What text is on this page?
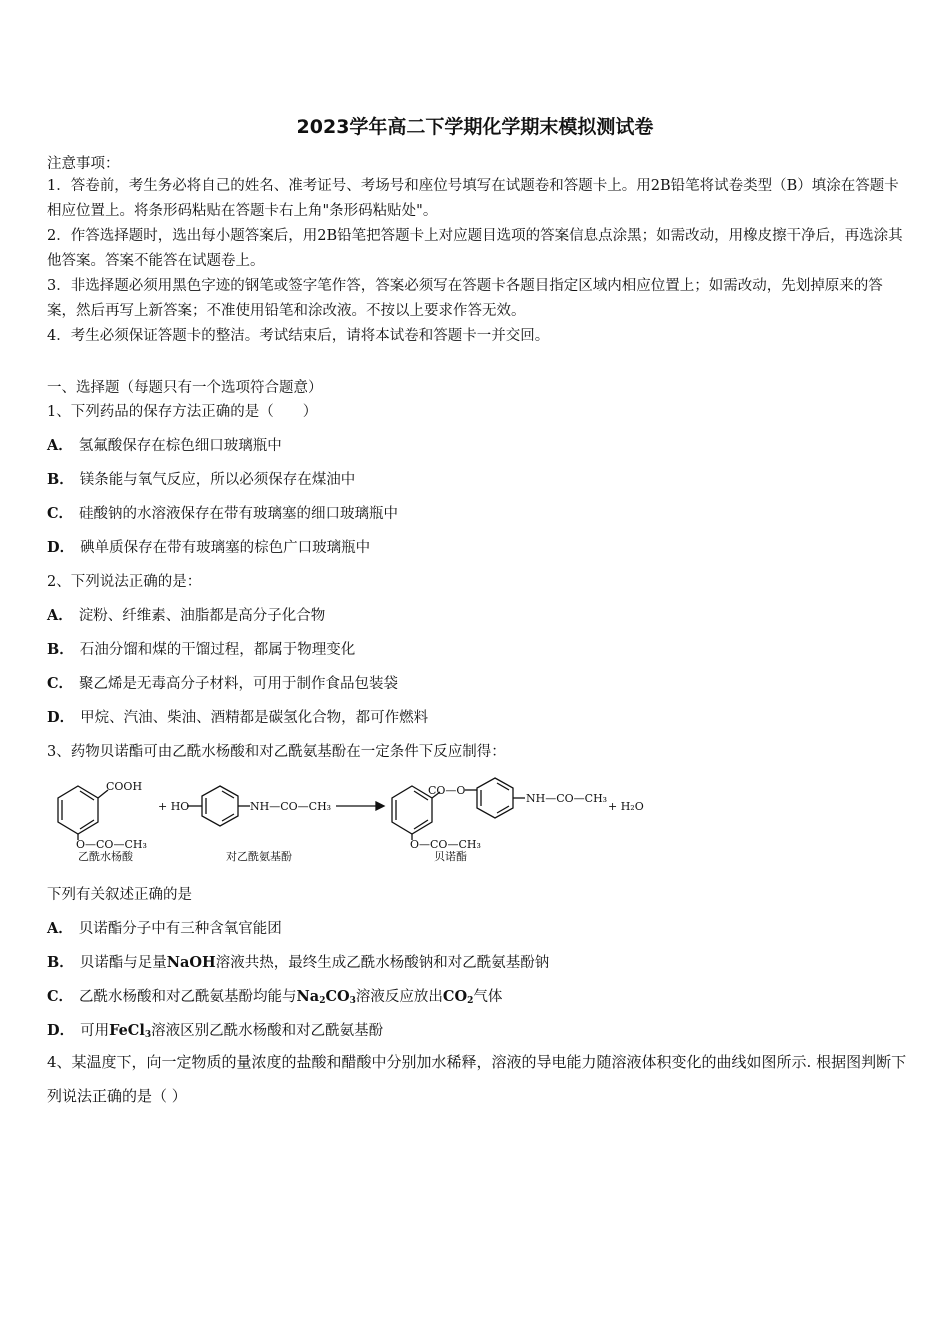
2023学年高二下学期化学期末模拟测试卷
注意事项：
1．答卷前，考生务必将自己的姓名、准考证号、考场号和座位号填写在试题卷和答题卡上。用2B铅笔将试卷类型（B）填涂在答题卡相应位置上。将条形码粘贴在答题卡右上角"条形码粘贴处"。
2．作答选择题时，选出每小题答案后，用2B铅笔把答题卡上对应题目选项的答案信息点涂黑；如需改动，用橡皮擦干净后，再选涂其他答案。答案不能答在试题卷上。
3．非选择题必须用黑色字迹的钢笔或签字笔作答，答案必须写在答题卡各题目指定区域内相应位置上；如需改动，先划掉原来的答案，然后再写上新答案；不准使用铅笔和涂改液。不按以上要求作答无效。
4．考生必须保证答题卡的整洁。考试结束后，请将本试卷和答题卡一并交回。
一、选择题（每题只有一个选项符合题意）
1、下列药品的保存方法正确的是（　　）
A． 氢氟酸保存在棕色细口玻璃瓶中
B． 镁条能与氧气反应，所以必须保存在煤油中
C． 硅酸钠的水溶液保存在带有玻璃塞的细口玻璃瓶中
D． 碘单质保存在带有玻璃塞的棕色广口玻璃瓶中
2、下列说法正确的是：
A． 淀粉、纤维素、油脂都是高分子化合物
B． 石油分馏和煤的干馏过程，都属于物理变化
C． 聚乙烯是无毒高分子材料，可用于制作食品包装袋
D． 甲烷、汽油、柴油、酒精都是碳氢化合物，都可作燃料
3、药物贝诺酯可由乙酰水杨酸和对乙酰氨基酚在一定条件下反应制得：
COOH
+ HO	NH—CO—CH₃
CO—O
NH—CO—CH₃
+ H₂O
O—CO—CH₃	O—CO—CH₃
乙酰水杨酸	对乙酰氨基酚	贝诺酯
下列有关叙述正确的是
A． 贝诺酯分子中有三种含氧官能团
B． 贝诺酯与足量NaOH溶液共热，最终生成乙酰水杨酸钠和对乙酰氨基酚钠
C． 乙酰水杨酸和对乙酰氨基酚均能与$Na_2CO_3$溶液反应放出$CO_2$气体
D． 可用FeCl$_3$溶液区别乙酰水杨酸和对乙酰氨基酚
4、某温度下，向一定物质的量浓度的盐酸和醋酸中分别加水稀释，溶液的导电能力随溶液体积变化的曲线如图所示. 根据图判断下列说法正确的是（ ）
